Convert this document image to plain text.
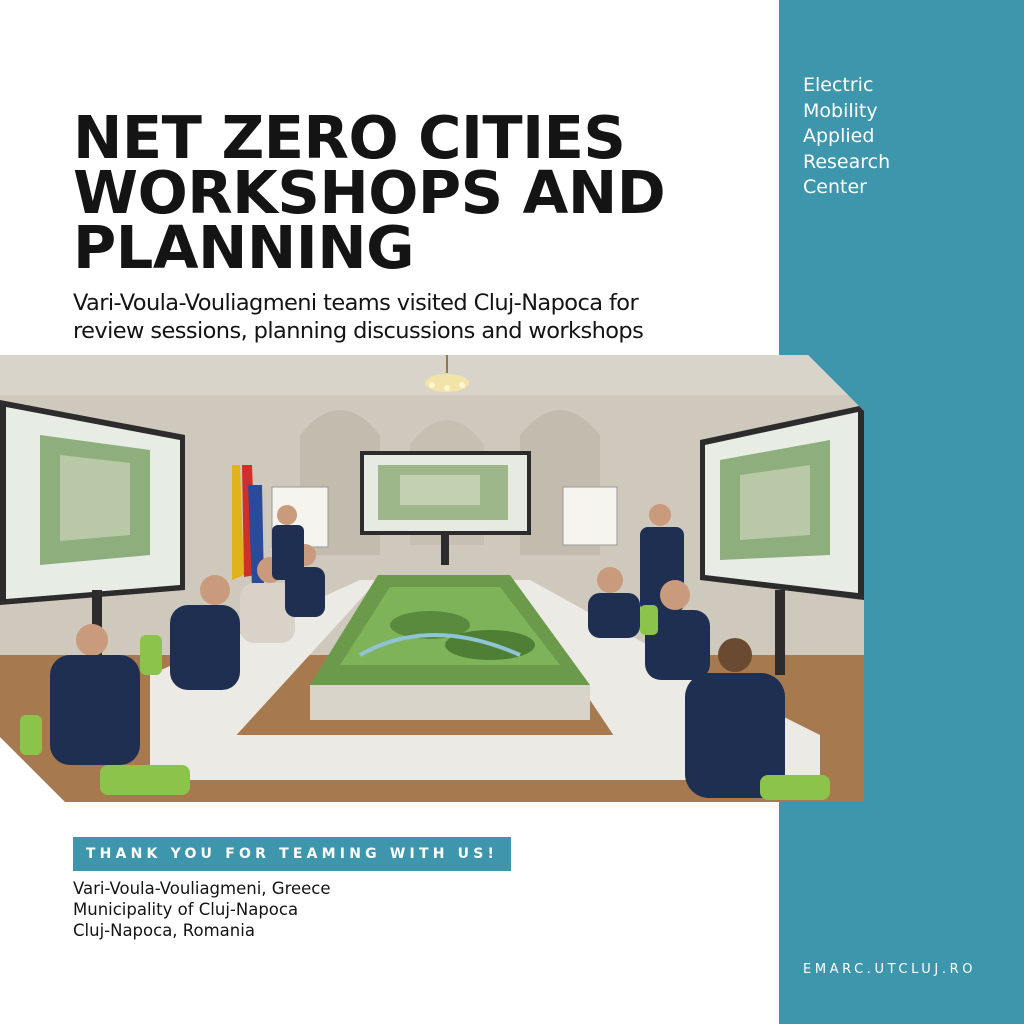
Electric
Mobility
Applied
Research
Center
NET ZERO CITIES
WORKSHOPS AND
PLANNING
Vari-Voula-Vouliagmeni teams visited Cluj-Napoca for
review sessions, planning discussions and workshops
THANK YOU FOR TEAMING WITH US!
Vari-Voula-Vouliagmeni, Greece
Municipality of Cluj-Napoca
Cluj-Napoca, Romania
EMARC.UTCLUJ.RO
